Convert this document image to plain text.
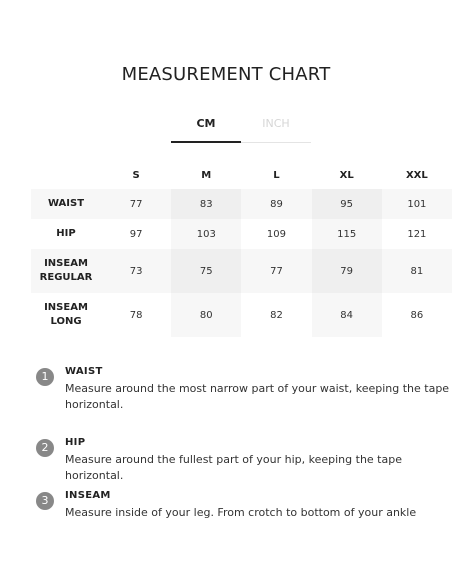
MEASUREMENT CHART
CM	INCH
	S	M	L	XL	XXL
WAIST	77	83	89	95	101
HIP	97	103	109	115	121
INSEAM
REGULAR	73	75	77	79	81
INSEAM
LONG	78	80	82	84	86
1	WAIST
Measure around the most narrow part of your waist, keeping the tape horizontal.
2	HIP
Measure around the fullest part of your hip, keeping the tape horizontal.
3	INSEAM
Measure inside of your leg. From crotch to bottom of your ankle
